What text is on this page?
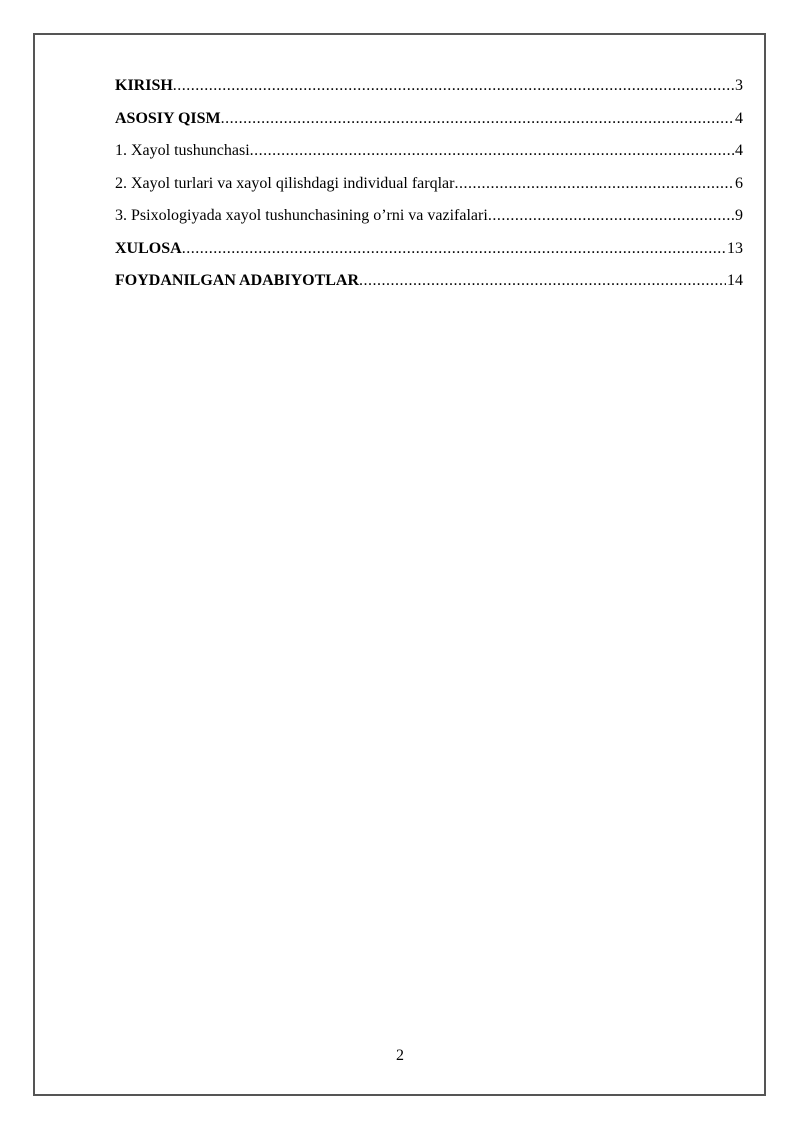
KIRISH .....	3
ASOSIY QISM .....	4
1. Xayol tushunchasi .....	4
2. Xayol turlari va xayol qilishdagi individual farqlar .....	6
3. Psixologiyada xayol tushunchasining o’rni va vazifalari .....	9
XULOSA .....	13
FOYDANILGAN ADABIYOTLAR .....	14
2
